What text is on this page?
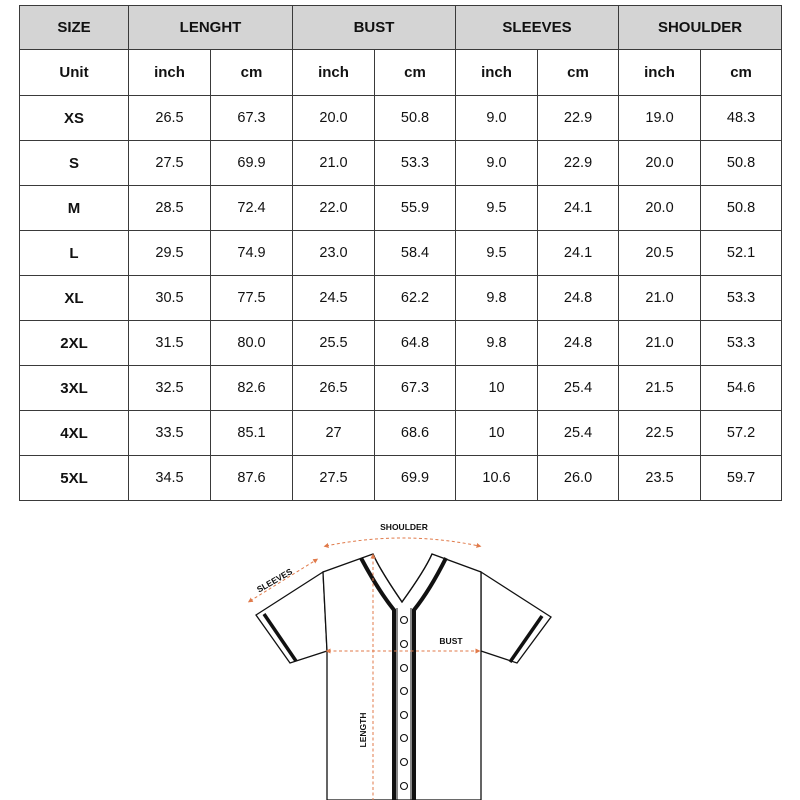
SIZE	LENGHT		BUST		SLEEVES		SHOULDER	
Unit	inch	cm	inch	cm	inch	cm	inch	cm
XS	26.5	67.3	20.0	50.8	9.0	22.9	19.0	48.3
S	27.5	69.9	21.0	53.3	9.0	22.9	20.0	50.8
M	28.5	72.4	22.0	55.9	9.5	24.1	20.0	50.8
L	29.5	74.9	23.0	58.4	9.5	24.1	20.5	52.1
XL	30.5	77.5	24.5	62.2	9.8	24.8	21.0	53.3
2XL	31.5	80.0	25.5	64.8	9.8	24.8	21.0	53.3
3XL	32.5	82.6	26.5	67.3	10	25.4	21.5	54.6
4XL	33.5	85.1	27	68.6	10	25.4	22.5	57.2
5XL	34.5	87.6	27.5	69.9	10.6	26.0	23.5	59.7
SHOULDER
SLEEVES
BUST
LENGTH
